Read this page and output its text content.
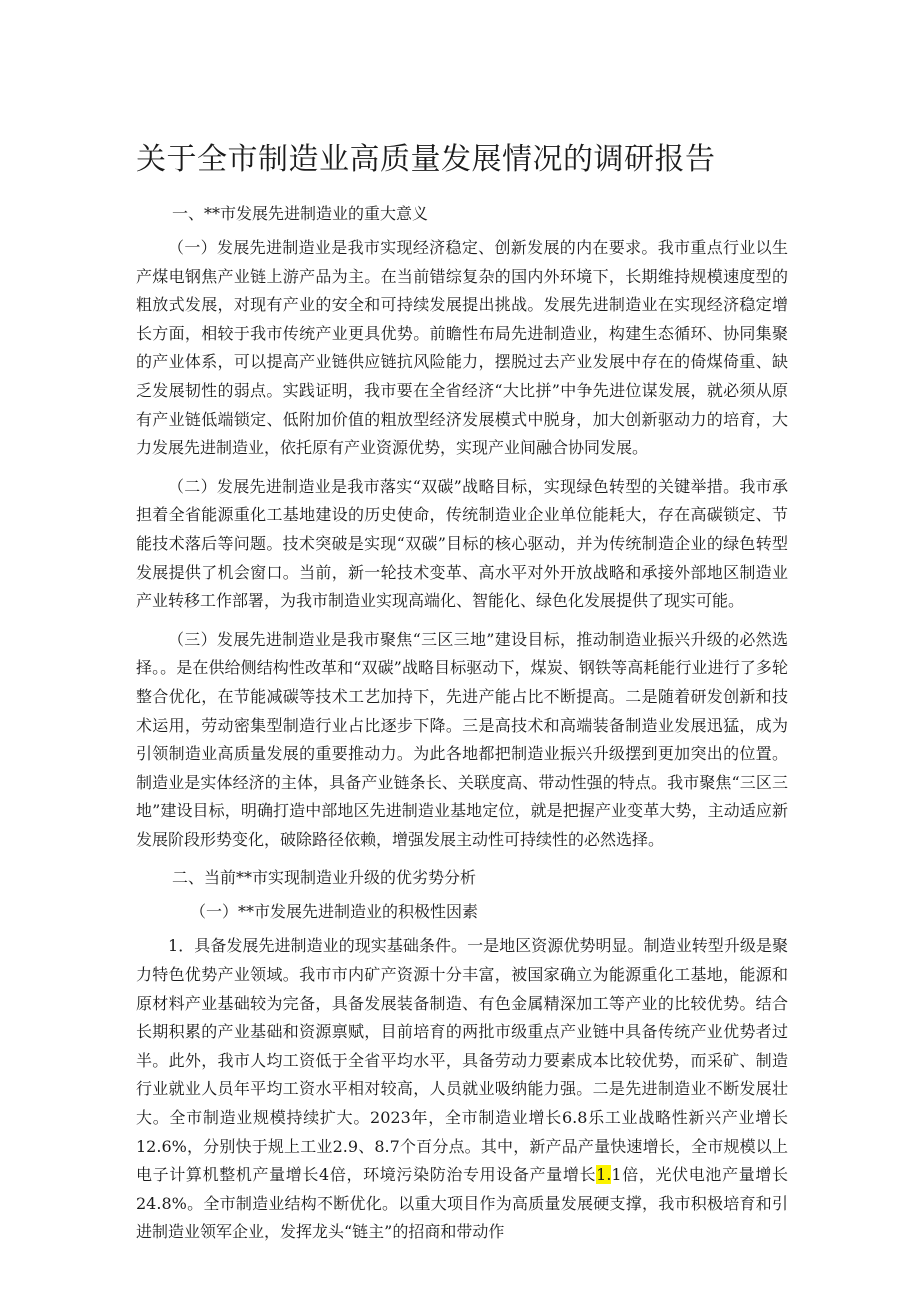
关于全市制造业高质量发展情况的调研报告
一、**市发展先进制造业的重大意义

（一）发展先进制造业是我市实现经济稳定、创新发展的内在要求。我市重点行业以生产煤电钢焦产业链上游产品为主。在当前错综复杂的国内外环境下，长期维持规模速度型的粗放式发展，对现有产业的安全和可持续发展提出挑战。发展先进制造业在实现经济稳定增长方面，相较于我市传统产业更具优势。前瞻性布局先进制造业，构建生态循环、协同集聚的产业体系，可以提高产业链供应链抗风险能力，摆脱过去产业发展中存在的倚煤倚重、缺乏发展韧性的弱点。实践证明，我市要在全省经济“大比拼”中争先进位谋发展，就必须从原有产业链低端锁定、低附加价值的粗放型经济发展模式中脱身，加大创新驱动力的培育，大力发展先进制造业，依托原有产业资源优势，实现产业间融合协同发展。

（二）发展先进制造业是我市落实“双碳”战略目标，实现绿色转型的关键举措。我市承担着全省能源重化工基地建设的历史使命，传统制造业企业单位能耗大，存在高碳锁定、节能技术落后等问题。技术突破是实现“双碳”目标的核心驱动，并为传统制造企业的绿色转型发展提供了机会窗口。当前，新一轮技术变革、高水平对外开放战略和承接外部地区制造业产业转移工作部署，为我市制造业实现高端化、智能化、绿色化发展提供了现实可能。

（三）发展先进制造业是我市聚焦“三区三地”建设目标，推动制造业振兴升级的必然选择。。是在供给侧结构性改革和“双碳”战略目标驱动下，煤炭、钢铁等高耗能行业进行了多轮整合优化，在节能减碳等技术工艺加持下，先进产能占比不断提高。二是随着研发创新和技术运用，劳动密集型制造行业占比逐步下降。三是高技术和高端装备制造业发展迅猛，成为引领制造业高质量发展的重要推动力。为此各地都把制造业振兴升级摆到更加突出的位置。制造业是实体经济的主体，具备产业链条长、关联度高、带动性强的特点。我市聚焦“三区三地”建设目标，明确打造中部地区先进制造业基地定位，就是把握产业变革大势，主动适应新发展阶段形势变化，破除路径依赖，增强发展主动性可持续性的必然选择。

二、当前**市实现制造业升级的优劣势分析
（一）**市发展先进制造业的积极性因素

1．具备发展先进制造业的现实基础条件。一是地区资源优势明显。制造业转型升级是聚力特色优势产业领域。我市市内矿产资源十分丰富，被国家确立为能源重化工基地，能源和原材料产业基础较为完备，具备发展装备制造、有色金属精深加工等产业的比较优势。结合长期积累的产业基础和资源禀赋，目前培育的两批市级重点产业链中具备传统产业优势者过半。此外，我市人均工资低于全省平均水平，具备劳动力要素成本比较优势，而采矿、制造行业就业人员年平均工资水平相对较高，人员就业吸纳能力强。二是先进制造业不断发展壮大。全市制造业规模持续扩大。2023年，全市制造业增长6.8乐工业战略性新兴产业增长12.6%，分别快于规上工业2.9、8.7个百分点。其中，新产品产量快速增长，全市规模以上电子计算机整机产量增长4倍，环境污染防治专用设备产量增长1.1倍，光伏电池产量增长24.8%。全市制造业结构不断优化。以重大项目作为高质量发展硬支撑，我市积极培育和引进制造业领军企业，发挥龙头“链主”的招商和带动作
